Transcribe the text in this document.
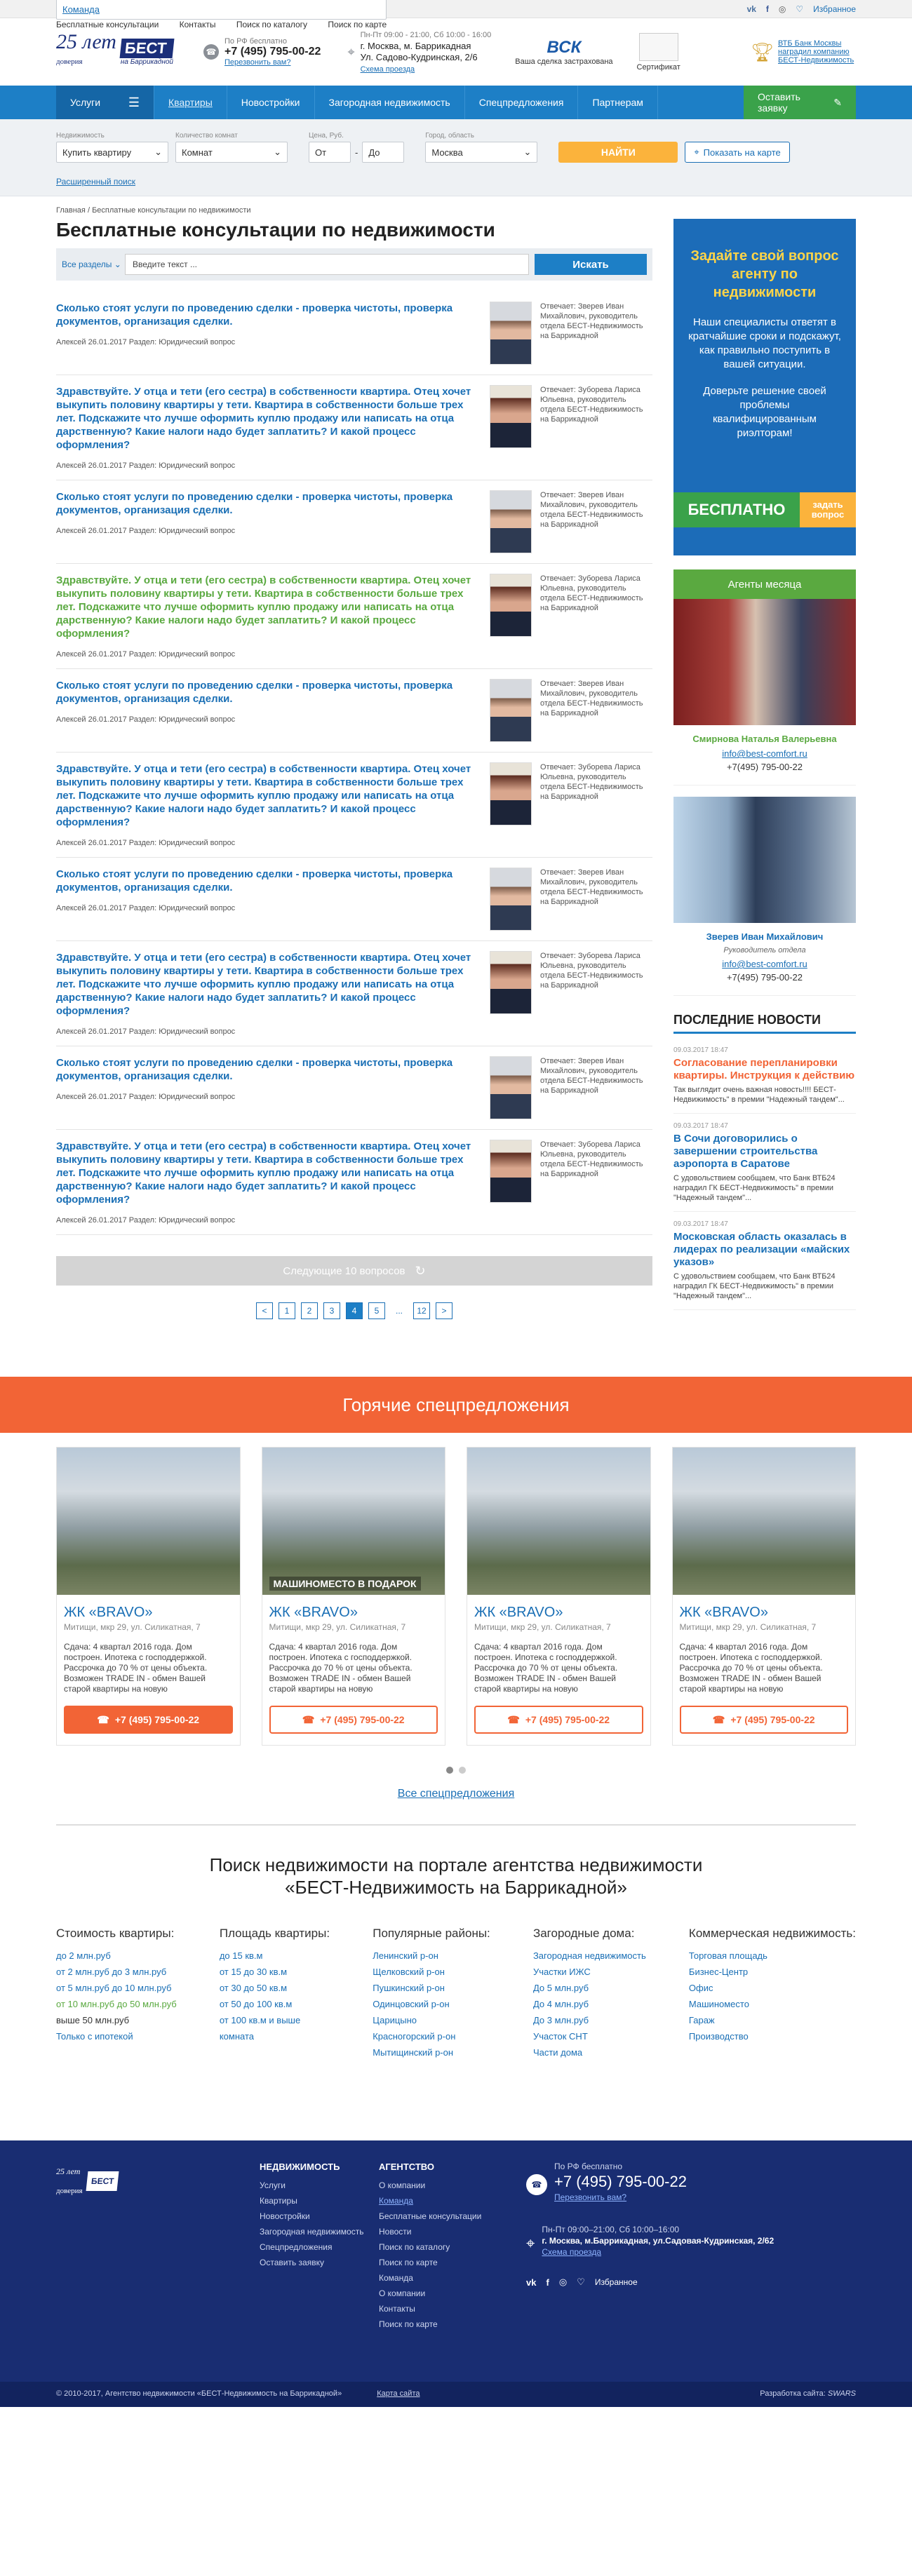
Команда
Бесплатные консультации Контакты Поиск по каталогу Поиск по карте
vk f ◎ ♡ Избранное
25 лет
доверия
БЕСТ
на Баррикадной
☎
По РФ бесплатно
+7 (495) 795-00-22
Перезвонить вам?
⌖
Пн-Пт 09:00 - 21:00, Сб 10:00 - 16:00
г. Москва, м. Баррикадная
Ул. Садово-Кудринская, 2/6
Схема проезда
ВСК
Ваша сделка застрахована
Сертификат
🏆︎ ВТБ Банк Москвы наградил компанию БЕСТ-Недвижимость
Услуги ☰	Квартиры	Новостройки	Загородная недвижимость	Спецпредложения	Партнерам	Оставить заявку
✎
Недвижимость
Купить квартиру	⌄
Количество комнат
Комнат	⌄
Цена, Руб.
От	-	До
Город, область
Москва	⌄	НАЙТИ	⌖ Показать на карте
Расширенный поиск
Главная / Бесплатные консультации по недвижимости
Бесплатные консультации по недвижимости
Все разделы ⌄	Введите текст ...	Искать
Сколько стоят услуги по проведению сделки - проверка чистоты, проверка документов, организация сделки.
Алексей 26.01.2017 Раздел: Юридический вопрос
Отвечает: Зверев Иван Михайлович, руководитель отдела БЕСТ-Недвижимость на Баррикадной
Здравствуйте. У отца и тети (его сестра) в собственности квартира. Отец хочет выкупить половину квартиры у тети. Квартира в собственности больше трех лет. Подскажите что лучше оформить куплю продажу или написать на отца дарственную? Какие налоги надо будет заплатить? И какой процесс оформления?
Алексей 26.01.2017 Раздел: Юридический вопрос
Отвечает: Зуборева Лариса Юльевна, руководитель отдела БЕСТ-Недвижимость на Баррикадной
Сколько стоят услуги по проведению сделки - проверка чистоты, проверка документов, организация сделки.
Алексей 26.01.2017 Раздел: Юридический вопрос
Отвечает: Зверев Иван Михайлович, руководитель отдела БЕСТ-Недвижимость на Баррикадной
Здравствуйте. У отца и тети (его сестра) в собственности квартира. Отец хочет выкупить половину квартиры у тети. Квартира в собственности больше трех лет. Подскажите что лучше оформить куплю продажу или написать на отца дарственную? Какие налоги надо будет заплатить? И какой процесс оформления?
Алексей 26.01.2017 Раздел: Юридический вопрос
Отвечает: Зуборева Лариса Юльевна, руководитель отдела БЕСТ-Недвижимость на Баррикадной
Сколько стоят услуги по проведению сделки - проверка чистоты, проверка документов, организация сделки.
Алексей 26.01.2017 Раздел: Юридический вопрос
Отвечает: Зверев Иван Михайлович, руководитель отдела БЕСТ-Недвижимость на Баррикадной
Здравствуйте. У отца и тети (его сестра) в собственности квартира. Отец хочет выкупить половину квартиры у тети. Квартира в собственности больше трех лет. Подскажите что лучше оформить куплю продажу или написать на отца дарственную? Какие налоги надо будет заплатить? И какой процесс оформления?
Алексей 26.01.2017 Раздел: Юридический вопрос
Отвечает: Зуборева Лариса Юльевна, руководитель отдела БЕСТ-Недвижимость на Баррикадной
Сколько стоят услуги по проведению сделки - проверка чистоты, проверка документов, организация сделки.
Алексей 26.01.2017 Раздел: Юридический вопрос
Отвечает: Зверев Иван Михайлович, руководитель отдела БЕСТ-Недвижимость на Баррикадной
Здравствуйте. У отца и тети (его сестра) в собственности квартира. Отец хочет выкупить половину квартиры у тети. Квартира в собственности больше трех лет. Подскажите что лучше оформить куплю продажу или написать на отца дарственную? Какие налоги надо будет заплатить? И какой процесс оформления?
Алексей 26.01.2017 Раздел: Юридический вопрос
Отвечает: Зуборева Лариса Юльевна, руководитель отдела БЕСТ-Недвижимость на Баррикадной
Сколько стоят услуги по проведению сделки - проверка чистоты, проверка документов, организация сделки.
Алексей 26.01.2017 Раздел: Юридический вопрос
Отвечает: Зверев Иван Михайлович, руководитель отдела БЕСТ-Недвижимость на Баррикадной
Здравствуйте. У отца и тети (его сестра) в собственности квартира. Отец хочет выкупить половину квартиры у тети. Квартира в собственности больше трех лет. Подскажите что лучше оформить куплю продажу или написать на отца дарственную? Какие налоги надо будет заплатить? И какой процесс оформления?
Алексей 26.01.2017 Раздел: Юридический вопрос
Отвечает: Зуборева Лариса Юльевна, руководитель отдела БЕСТ-Недвижимость на Баррикадной
Следующие 10 вопросов ↻
<	1	2	3	4	5	...	12	>
Задайте свой вопрос агенту по недвижимости

Наши специалисты ответят в кратчайшие сроки и подскажут, как правильно поступить в вашей ситуации.

Доверьте решение своей проблемы квалифицированным риэлторам!

БЕСПЛАТНО	задать вопрос
Агенты месяца
Смирнова Наталья Валерьевна
info@best-comfort.ru
+7(495) 795-00-22
Зверев Иван Михайлович
Руководитель отдела
info@best-comfort.ru
+7(495) 795-00-22
ПОСЛЕДНИЕ НОВОСТИ
09.03.2017 18:47
Согласование перепланировки квартиры. Инструкция к действию
Так выглядит очень важная новость!!!! БЕСТ-Недвижимость" в премии "Надежный тандем"...
09.03.2017 18:47
В Сочи договорились о завершении строительства аэропорта в Саратове
С удовольствием сообщаем, что Банк ВТБ24 наградил ГК БЕСТ-Недвижимость" в премии "Надежный тандем"...
09.03.2017 18:47
Московская область оказалась в лидерах по реализации «майских указов»
С удовольствием сообщаем, что Банк ВТБ24 наградил ГК БЕСТ-Недвижимость" в премии "Надежный тандем"...
Горячие спецпредложения
ЖК «BRAVO»
Митищи, мкр 29, ул. Силикатная, 7
Сдача: 4 квартал 2016 года. Дом построен. Ипотека с господдержкой. Рассрочка до 70 % от цены объекта. Возможен TRADE IN - обмен Вашей старой квартиры на новую
☎ +7 (495) 795-00-22
МАШИНОМЕСТО В ПОДАРОК
ЖК «BRAVO»
Митищи, мкр 29, ул. Силикатная, 7
Сдача: 4 квартал 2016 года. Дом построен. Ипотека с господдержкой. Рассрочка до 70 % от цены объекта. Возможен TRADE IN - обмен Вашей старой квартиры на новую
☎ +7 (495) 795-00-22
ЖК «BRAVO»
Митищи, мкр 29, ул. Силикатная, 7
Сдача: 4 квартал 2016 года. Дом построен. Ипотека с господдержкой. Рассрочка до 70 % от цены объекта. Возможен TRADE IN - обмен Вашей старой квартиры на новую
☎ +7 (495) 795-00-22
ЖК «BRAVO»
Митищи, мкр 29, ул. Силикатная, 7
Сдача: 4 квартал 2016 года. Дом построен. Ипотека с господдержкой. Рассрочка до 70 % от цены объекта. Возможен TRADE IN - обмен Вашей старой квартиры на новую
☎ +7 (495) 795-00-22
Все спецпредложения
Поиск недвижимости на портале агентства недвижимости
«БЕСТ-Недвижимость на Баррикадной»
Стоимость квартиры:
до 2 млн.руб
от 2 млн.руб до 3 млн.руб
от 5 млн.руб до 10 млн.руб
от 10 млн.руб до 50 млн.руб
выше 50 млн.руб
Только с ипотекой
Площадь квартиры:
до 15 кв.м
от 15 до 30 кв.м
от 30 до 50 кв.м
от 50 до 100 кв.м
от 100 кв.м и выше
комната
Популярные районы:
Ленинский р-он
Щелковский р-он
Пушкинский р-он
Одинцовский р-он
Царицыно
Красногорский р-он
Мытищинский р-он
Загородные дома:
Загородная недвижимость
Участки ИЖС
До 5 млн.руб
До 4 млн.руб
До 3 млн.руб
Участок СНТ
Части дома
Коммерческая недвижимость:
Торговая площадь
Бизнес-Центр
Офис
Машиноместо
Гараж
Производство
25 лет
доверия
БЕСТ
НЕДВИЖИМОСТЬ
Услуги
Квартиры
Новостройки
Загородная недвижимость
Спецпредложения
Оставить заявку
АГЕНТСТВО
О компании
Команда
Бесплатные консультации
Новости
Поиск по каталогу
Поиск по карте
Команда
О компании
Контакты
Поиск по карте
☎
По РФ бесплатно
+7 (495) 795-00-22
Перезвонить вам?
⌖
Пн-Пт 09:00–21:00, Сб 10:00–16:00
г. Москва, м.Баррикадная, ул.Садовая-Кудринская, 2/62
Схема проезда
vk f ◎ ♡ Избранное
© 2010-2017, Агентство недвижимости «БЕСТ-Недвижимость на Баррикадной»	Карта сайта	Разработка сайта: SWARS
